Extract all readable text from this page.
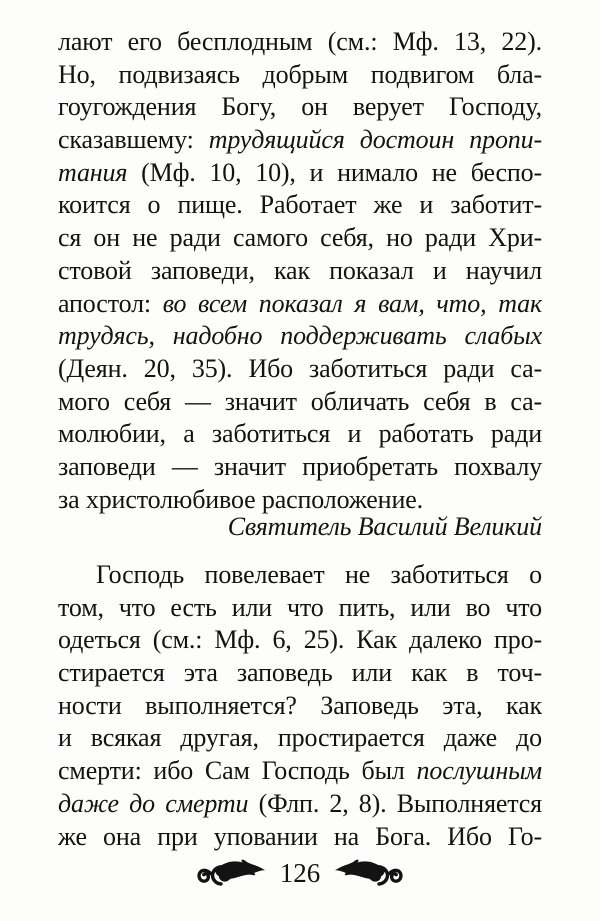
лают его бесплодным (см.: Мф. 13, 22).
Но, подвизаясь добрым подвигом бла-
гоугождения Богу, он верует Господу,
сказавшему: трудящийся достоин пропи-
тания (Мф. 10, 10), и нимало не беспо-
коится о пище. Работает же и заботит-
ся он не ради самого себя, но ради Хри-
стовой заповеди, как показал и научил
апостол: во всем показал я вам, что, так
трудясь, надобно поддерживать слабых
(Деян. 20, 35). Ибо заботиться ради са-
мого себя — значит обличать себя в са-
молюбии, а заботиться и работать ради
заповеди — значит приобретать похвалу
за христолюбивое расположение.
Святитель Василий Великий
Господь повелевает не заботиться о
том, что есть или что пить, или во что
одеться (см.: Мф. 6, 25). Как далеко про-
стирается эта заповедь или как в точ-
ности выполняется? Заповедь эта, как
и всякая другая, простирается даже до
смерти: ибо Сам Господь был послушным
даже до смерти (Флп. 2, 8). Выполняется
же она при уповании на Бога. Ибо Го-
126
